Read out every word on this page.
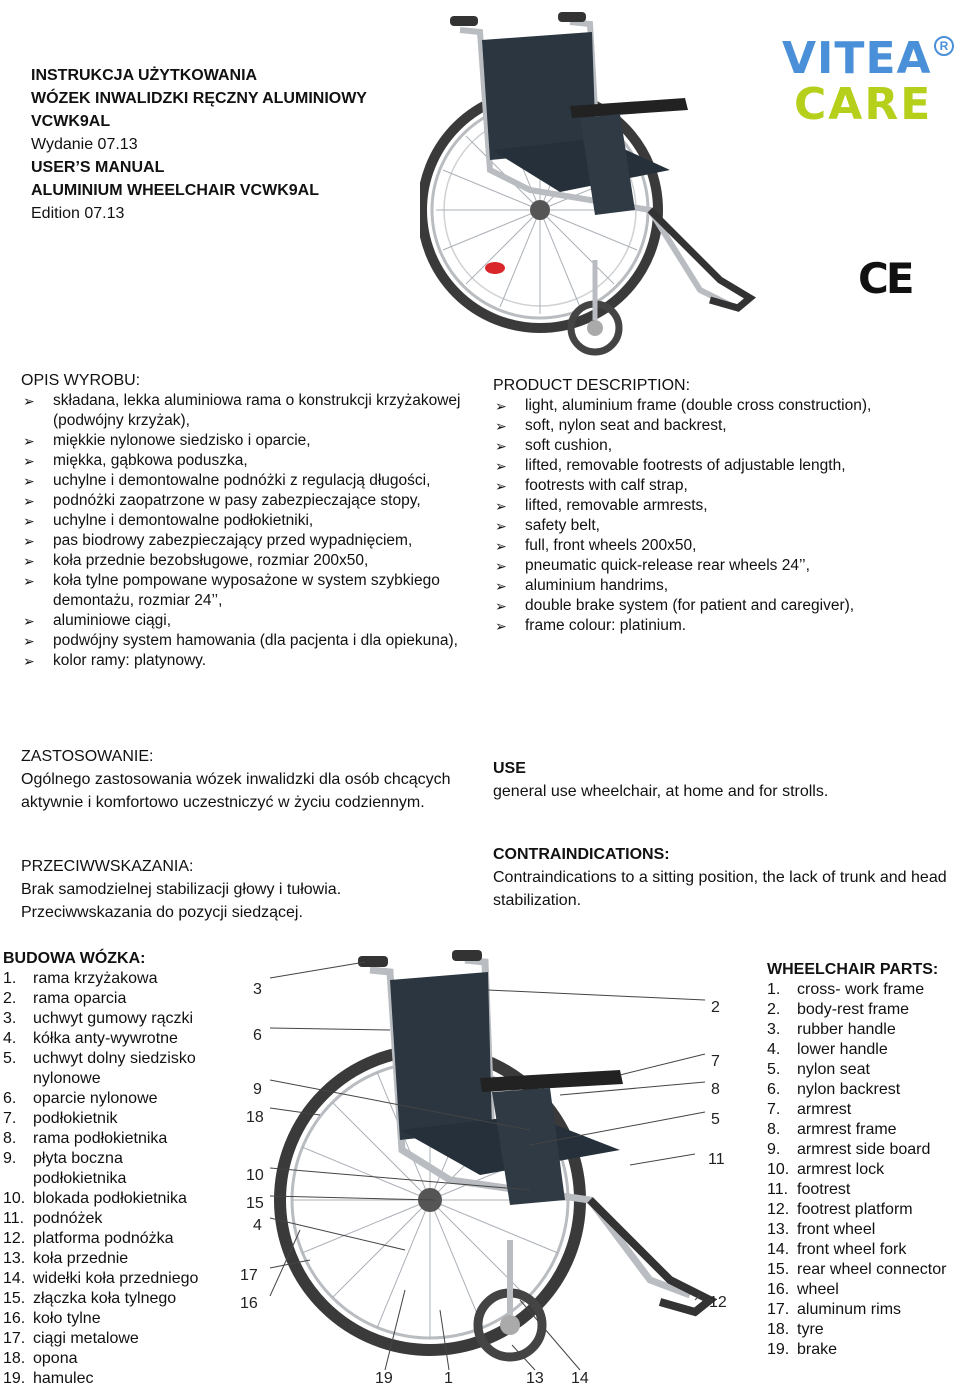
INSTRUKCJA UŻYTKOWANIA
WÓZEK INWALIDZKI RĘCZNY ALUMINIOWY
VCWK9AL
Wydanie 07.13
USER’S MANUAL
ALUMINIUM WHEELCHAIR VCWK9AL
Edition 07.13
VITEA
CARE
R
CE
OPIS WYROBU:
➢ składana, lekka aluminiowa rama o konstrukcji krzyżakowej (podwójny krzyżak),
➢ miękkie nylonowe siedzisko i oparcie,
➢ miękka, gąbkowa poduszka,
➢ uchylne i demontowalne podnóżki z regulacją długości,
➢ podnóżki zaopatrzone w pasy zabezpieczające stopy,
➢ uchylne i demontowalne podłokietniki,
➢ pas biodrowy zabezpieczający przed wypadnięciem,
➢ koła przednie bezobsługowe, rozmiar 200x50,
➢ koła tylne pompowane wyposażone w system szybkiego demontażu, rozmiar 24’’,
➢ aluminiowe ciągi,
➢ podwójny system hamowania (dla pacjenta i dla opiekuna),
➢ kolor ramy: platynowy.
PRODUCT DESCRIPTION:
➢ light, aluminium frame (double cross construction),
➢ soft, nylon seat and backrest,
➢ soft cushion,
➢ lifted, removable footrests of adjustable length,
➢ footrests with calf strap,
➢ lifted, removable armrests,
➢ safety belt,
➢ full, front wheels 200x50,
➢ pneumatic quick-release rear wheels 24’’,
➢ aluminium handrims,
➢ double brake system (for patient and caregiver),
➢ frame colour: platinium.
ZASTOSOWANIE:
Ogólnego zastosowania wózek inwalidzki dla osób chcących aktywnie i komfortowo uczestniczyć w życiu codziennym.
USE
general use wheelchair, at home and for strolls.
PRZECIWWSKAZANIA:
Brak samodzielnej stabilizacji głowy i tułowia.
Przeciwwskazania do pozycji siedzącej.
CONTRAINDICATIONS:
Contraindications to a sitting position, the lack of trunk and head stabilization.
BUDOWA WÓZKA:
1. rama krzyżakowa
2. rama oparcia
3. uchwyt gumowy rączki
4. kółka anty-wywrotne
5. uchwyt dolny siedzisko nylonowe
6. oparcie nylonowe
7. podłokietnik
8. rama podłokietnika
9. płyta boczna podłokietnika
10. blokada podłokietnika
11. podnóżek
12. platforma podnóżka
13. koła przednie
14. widełki koła przedniego
15. złączka koła tylnego
16. koło tylne
17. ciągi metalowe
18. opona
19. hamulec
3
6
9
18
10
15
4
17
16
2
7
8
5
11
12
19	1	13 14
WHEELCHAIR PARTS:
1. cross- work frame
2. body-rest frame
3. rubber handle
4. lower handle
5. nylon seat
6. nylon backrest
7. armrest
8. armrest frame
9. armrest side board
10. armrest lock
11. footrest
12. footrest platform
13. front wheel
14. front wheel fork
15. rear wheel connector
16. wheel
17. aluminum rims
18. tyre
19. brake
